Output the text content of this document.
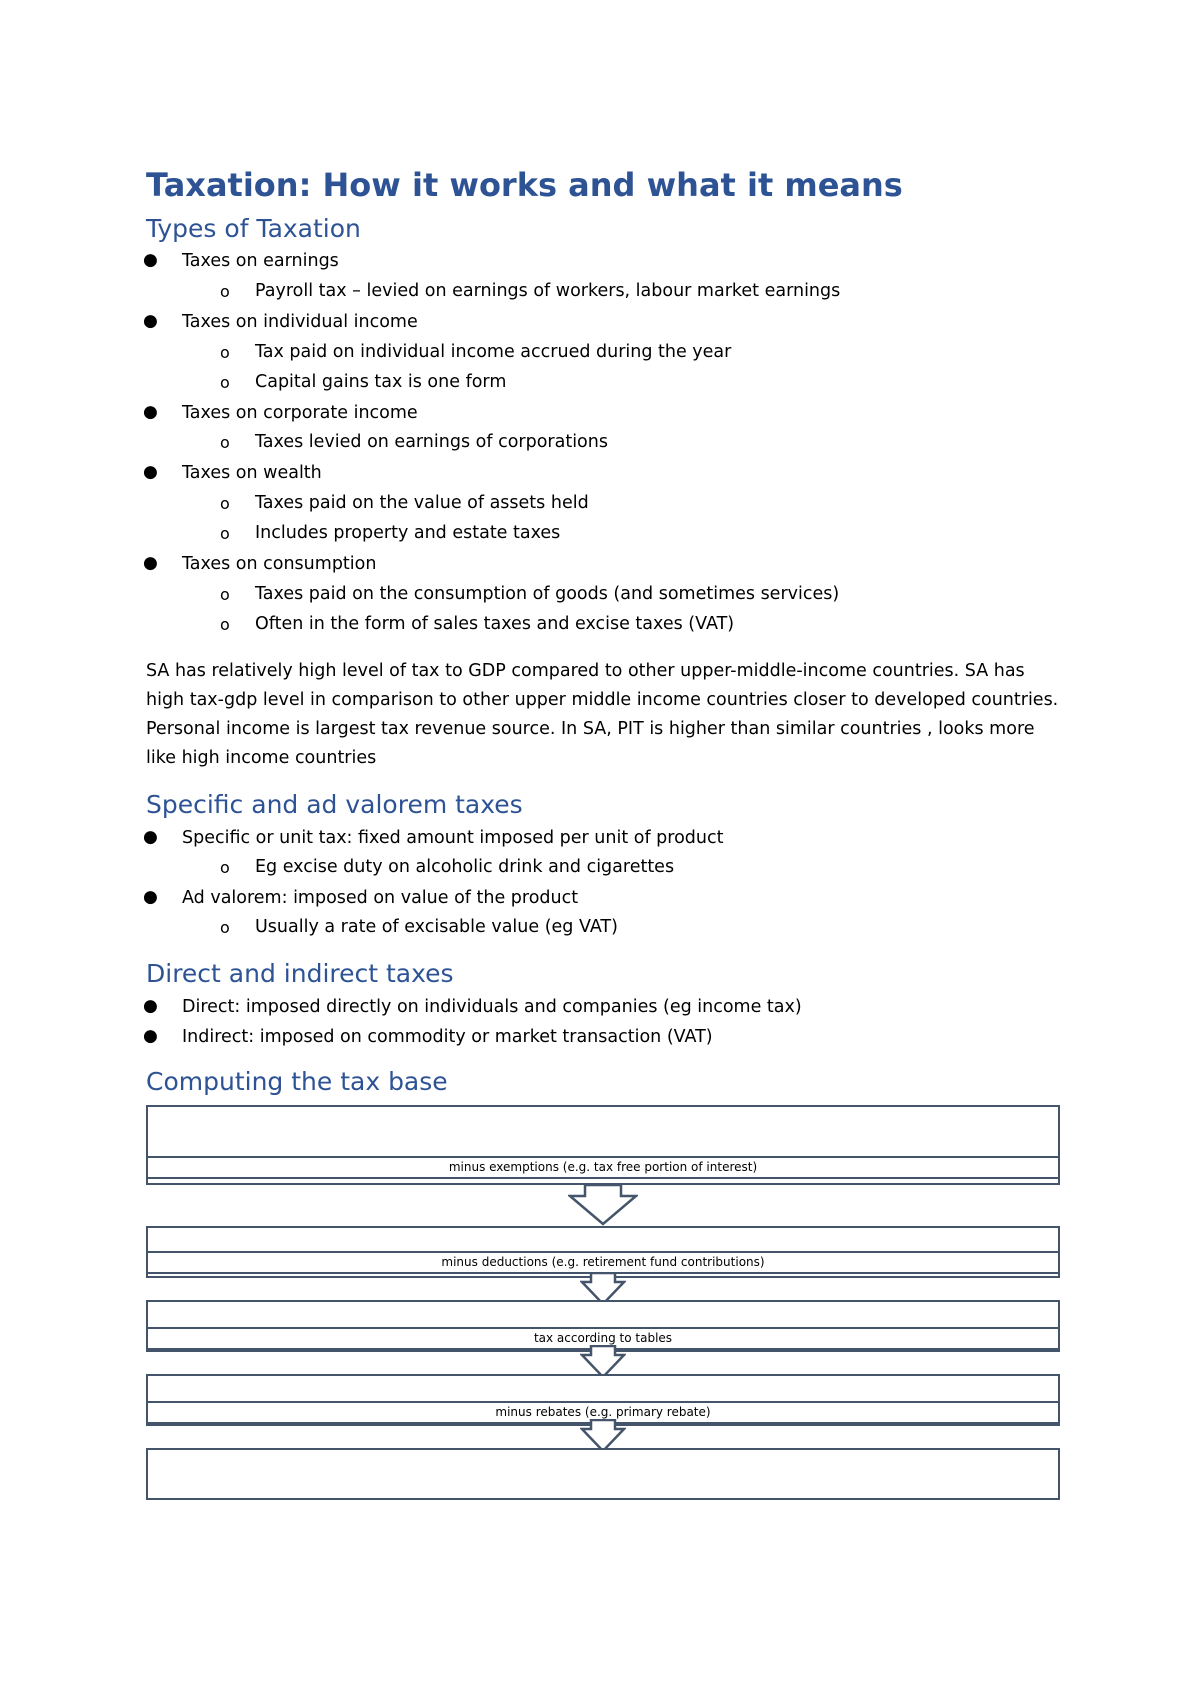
Taxation: How it works and what it means
Types of Taxation
● Taxes on earnings
o Payroll tax – levied on earnings of workers, labour market earnings
● Taxes on individual income
o Tax paid on individual income accrued during the year
o Capital gains tax is one form
● Taxes on corporate income
o Taxes levied on earnings of corporations
● Taxes on wealth
o Taxes paid on the value of assets held
o Includes property and estate taxes
● Taxes on consumption
o Taxes paid on the consumption of goods (and sometimes services)
o Often in the form of sales taxes and excise taxes (VAT)

SA has relatively high level of tax to GDP compared to other upper-middle-income countries. SA has high tax-gdp level in comparison to other upper middle income countries closer to developed countries. Personal income is largest tax revenue source. In SA, PIT is higher than similar countries , looks more like high income countries

Specific and ad valorem taxes
● Specific or unit tax: fixed amount imposed per unit of product
o Eg excise duty on alcoholic drink and cigarettes
● Ad valorem: imposed on value of the product
o Usually a rate of excisable value (eg VAT)
Direct and indirect taxes
● Direct: imposed directly on individuals and companies (eg income tax)
● Indirect: imposed on commodity or market transaction (VAT)
Computing the tax base
minus exemptions (e.g. tax free portion of interest)
minus deductions (e.g. retirement fund contributions)
tax according to tables
minus rebates (e.g. primary rebate)
